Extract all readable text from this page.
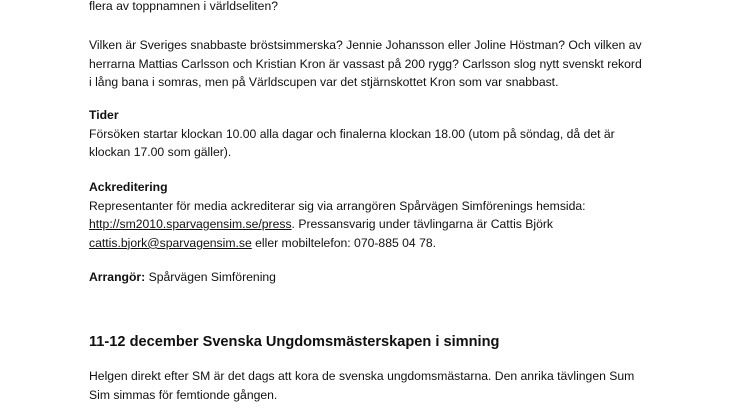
flera av toppnamnen i världseliten?

Vilken är Sveriges snabbaste bröstsimmerska? Jennie Johansson eller Joline Höstman? Och vilken av

herrarna Mattias Carlsson och Kristian Kron är vassast på 200 rygg? Carlsson slog nytt svenskt rekord

i lång bana i somras, men på Världscupen var det stjärnskottet Kron som var snabbast.

Tider

Försöken startar klockan 10.00 alla dagar och finalerna klockan 18.00 (utom på söndag, då det är

klockan 17.00 som gäller).

Ackreditering

Representanter för media ackrediterar sig via arrangören Spårvägen Simförenings hemsida:

http://sm2010.sparvagensim.se/press. Pressansvarig under tävlingarna är Cattis Björk

cattis.bjork@sparvagensim.se eller mobiltelefon: 070-885 04 78.

Arrangör: Spårvägen Simförening

11-12 december Svenska Ungdomsmästerskapen i simning

Helgen direkt efter SM är det dags att kora de svenska ungdomsmästarna. Den anrika tävlingen Sum

Sim simmas för femtionde gången.
